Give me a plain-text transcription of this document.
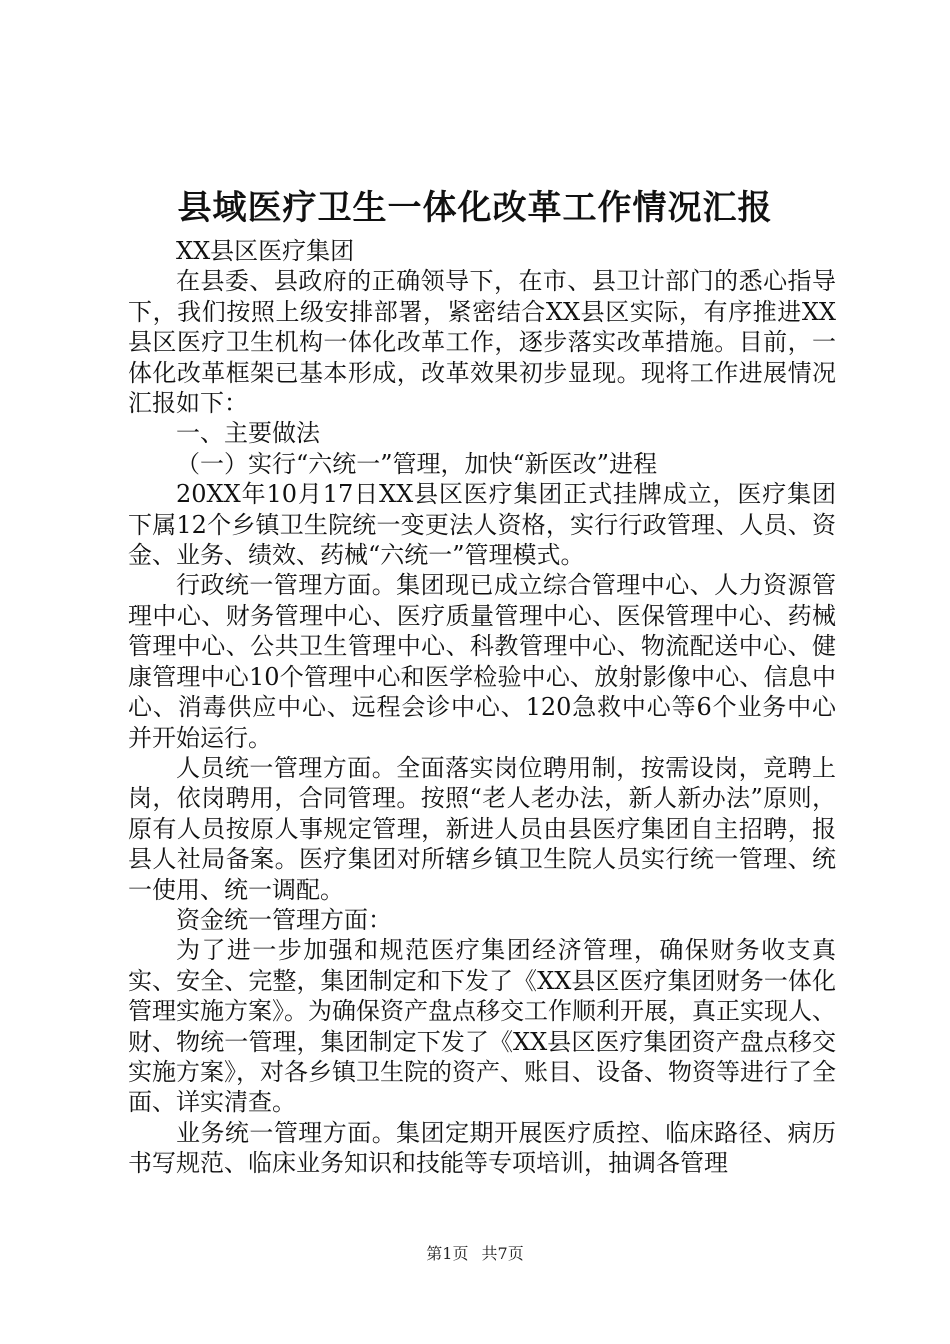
县域医疗卫生一体化改革工作情况汇报

XX县区医疗集团

在县委、县政府的正确领导下，在市、县卫计部门的悉心指导下，我们按照上级安排部署，紧密结合XX县区实际，有序推进XX县区医疗卫生机构一体化改革工作，逐步落实改革措施。目前，一体化改革框架已基本形成，改革效果初步显现。现将工作进展情况汇报如下：

一、主要做法

（一）实行“六统一”管理，加快“新医改”进程

20XX年10月17日XX县区医疗集团正式挂牌成立，医疗集团下属12个乡镇卫生院统一变更法人资格，实行行政管理、人员、资金、业务、绩效、药械“六统一”管理模式。

行政统一管理方面。集团现已成立综合管理中心、人力资源管理中心、财务管理中心、医疗质量管理中心、医保管理中心、药械管理中心、公共卫生管理中心、科教管理中心、物流配送中心、健康管理中心10个管理中心和医学检验中心、放射影像中心、信息中心、消毒供应中心、远程会诊中心、120急救中心等6个业务中心并开始运行。

人员统一管理方面。全面落实岗位聘用制，按需设岗，竞聘上岗，依岗聘用，合同管理。按照“老人老办法，新人新办法”原则，原有人员按原人事规定管理，新进人员由县医疗集团自主招聘，报县人社局备案。医疗集团对所辖乡镇卫生院人员实行统一管理、统一使用、统一调配。

资金统一管理方面：

为了进一步加强和规范医疗集团经济管理，确保财务收支真实、安全、完整，集团制定和下发了《XX县区医疗集团财务一体化管理实施方案》。为确保资产盘点移交工作顺利开展，真正实现人、财、物统一管理，集团制定下发了《XX县区医疗集团资产盘点移交实施方案》，对各乡镇卫生院的资产、账目、设备、物资等进行了全面、详实清查。

业务统一管理方面。集团定期开展医疗质控、临床路径、病历书写规范、临床业务知识和技能等专项培训，抽调各管理

第1页 共7页
